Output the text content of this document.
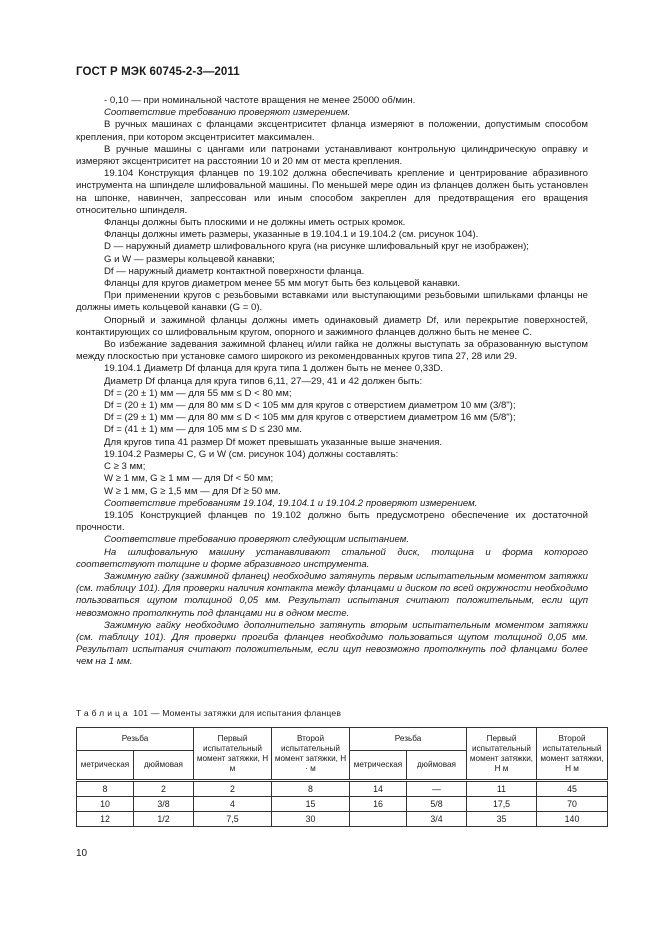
ГОСТ Р МЭК 60745-2-3—2011

- 0,10 — при номинальной частоте вращения не менее 25000 об/мин.

Соответствие требованию проверяют измерением.

В ручных машинах с фланцами эксцентриситет фланца измеряют в положении, допустимым способом крепления, при котором эксцентриситет максимален.

В ручные машины с цангами или патронами устанавливают контрольную цилиндрическую оправку и измеряют эксцентриситет на расстоянии 10 и 20 мм от места крепления.

19.104 Конструкция фланцев по 19.102 должна обеспечивать крепление и центрирование абразивного инструмента на шпинделе шлифовальной машины. По меньшей мере один из фланцев должен быть установлен на шпонке, навинчен, запрессован или иным способом закреплен для предотвращения его вращения относительно шпинделя.

Фланцы должны быть плоскими и не должны иметь острых кромок.

Фланцы должны иметь размеры, указанные в 19.104.1 и 19.104.2 (см. рисунок 104).

D — наружный диаметр шлифовального круга (на рисунке шлифовальный круг не изображен);

G и W — размеры кольцевой канавки;

Df — наружный диаметр контактной поверхности фланца.

Фланцы для кругов диаметром менее 55 мм могут быть без кольцевой канавки.

При применении кругов с резьбовыми вставками или выступающими резьбовыми шпильками фланцы не должны иметь кольцевой канавки (G = 0).

Опорный и зажимной фланцы должны иметь одинаковый диаметр Df, или перекрытие поверхностей, контактирующих со шлифовальным кругом, опорного и зажимного фланцев должно быть не менее С.

Во избежание задевания зажимной фланец и/или гайка не должны выступать за образованную выступом между плоскостью при установке самого широкого из рекомендованных кругов типа 27, 28 или 29.

19.104.1 Диаметр Df фланца для круга типа 1 должен быть не менее 0,33D.

Диаметр Df фланца для круга типов 6,11, 27—29, 41 и 42 должен быть:

Df = (20 ± 1) мм — для 55 мм ≤ D < 80 мм;

Df = (20 ± 1) мм — для 80 мм ≤ D < 105 мм для кругов с отверстием диаметром 10 мм (3/8");

Df = (29 ± 1) мм — для 80 мм ≤ D < 105 мм для кругов с отверстием диаметром 16 мм (5/8");

Df = (41 ± 1) мм — для 105 мм ≤ D ≤ 230 мм.

Для кругов типа 41 размер Df может превышать указанные выше значения.

19.104.2 Размеры C, G и W (см. рисунок 104) должны составлять:

С ≥ 3 мм;

W ≥ 1 мм, G ≥ 1 мм — для Df < 50 мм;

W ≥ 1 мм, G ≥ 1,5 мм — для Df ≥ 50 мм.

Соответствие требованиям 19.104, 19.104.1 и 19.104.2 проверяют измерением.

19.105 Конструкцией фланцев по 19.102 должно быть предусмотрено обеспечение их достаточной прочности.

Соответствие требованию проверяют следующим испытанием.

На шлифовальную машину устанавливают стальной диск, толщина и форма которого соответствуют толщине и форме абразивного инструмента.

Зажимную гайку (зажимной фланец) необходимо затянуть первым испытательным моментом затяжки (см. таблицу 101). Для проверки наличия контакта между фланцами и диском по всей окружности необходимо пользоваться щупом толщиной 0,05 мм. Результат испытания считают положительным, если щуп невозможно протолкнуть под фланцами ни в одном месте.

Зажимную гайку необходимо дополнительно затянуть вторым испытательным моментом затяжки (см. таблицу 101). Для проверки прогиба фланцев необходимо пользоваться щупом толщиной 0,05 мм. Результат испытания считают положительным, если щуп невозможно протолкнуть под фланцами более чем на 1 мм.

Таблица 101 — Моменты затяжки для испытания фланцев
Резьба		Первый испытательный момент затяжки, Н м	Второй испытательный момент затяжки, Н · м	Резьба		Первый испытательный момент затяжки, Н м	Второй испытательный момент затяжки, Н м
метрическая	дюймовая			метрическая	дюймовая		
8	2	2	8	14	—	11	45
10	3/8	4	15	16	5/8	17,5	70
12	1/2	7,5	30		3/4	35	140
10
